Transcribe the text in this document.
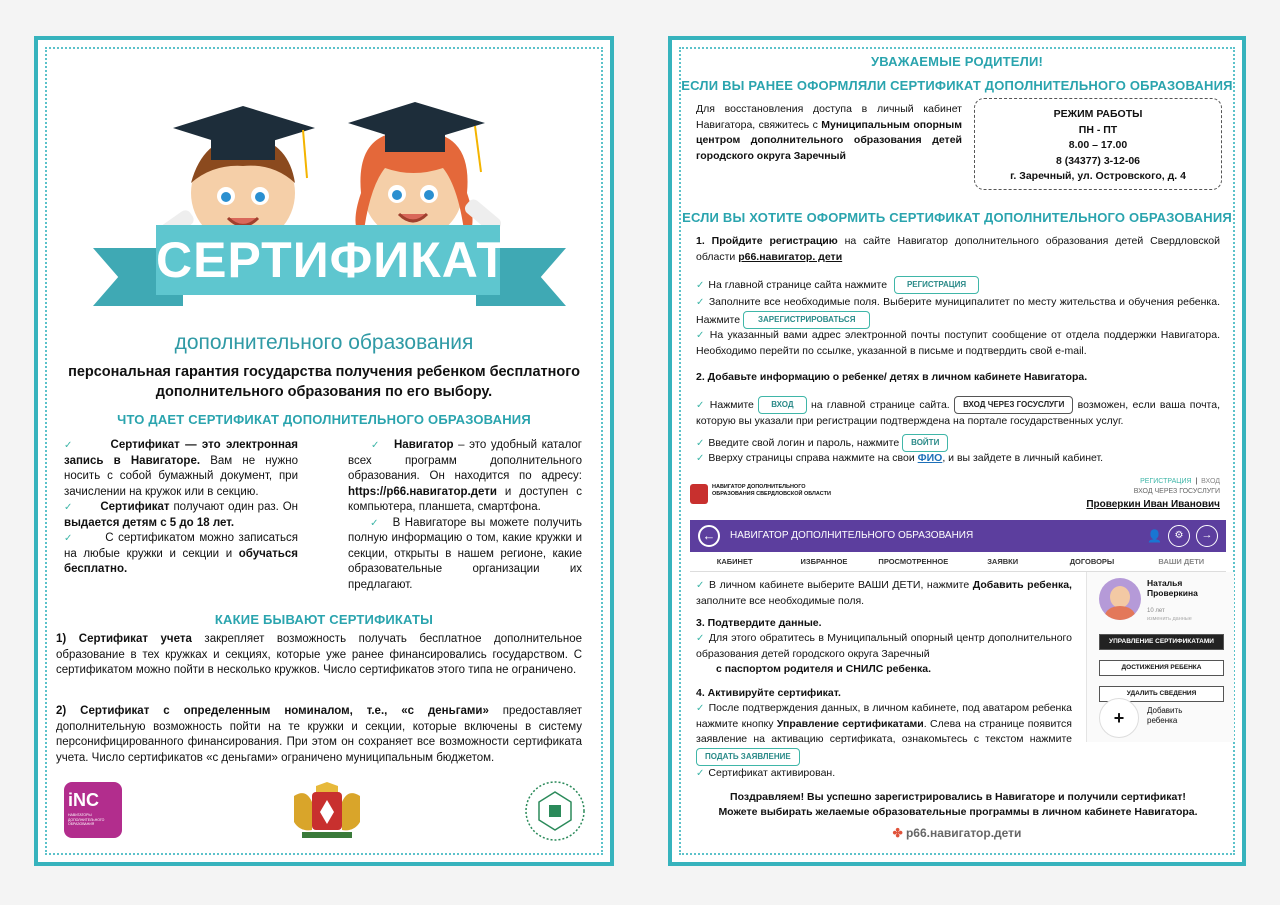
СЕРТИФИКАТ
дополнительного образования
персональная гарантия государства получения ребенком бесплатного дополнительного образования по его выбору.
ЧТО ДАЕТ СЕРТИФИКАТ ДОПОЛНИТЕЛЬНОГО ОБРАЗОВАНИЯ

✓	Сертификат — это электронная запись в Навигаторе. Вам не нужно носить с собой бумажный документ, при зачислении на кружок или в секцию.

✓ Сертификат получают один раз. Он выдается детям с 5 до 18 лет.

✓	С сертификатом можно записаться на любые кружки и секции и обучаться бесплатно.

✓ Навигатор – это удобный каталог всех программ дополнительного образования. Он находится по адресу: https://р66.навигатор.дети и доступен с компьютера, планшета, смартфона.

✓ В Навигаторе вы можете получить полную информацию о том, какие кружки и секции, открыты в нашем регионе, какие образовательные организации их предлагают.

КАКИЕ БЫВАЮТ СЕРТИФИКАТЫ

1) Сертификат учета закрепляет возможность получать бесплатное дополнительное образование в тех кружках и секциях, которые уже ранее финансировались государством. С сертификатом можно пойти в несколько кружков. Число сертификатов этого типа не ограничено.

2) Сертификат с определенным номиналом, т.е., «с деньгами» предоставляет дополнительную возможность пойти на те кружки и секции, которые включены в систему персонифицированного финансирования. При этом он сохраняет все возможности сертификата учета. Число сертификатов «с деньгами» ограничено муниципальным бюджетом.

iNC
НАВИГАТОРЫ ДОПОЛНИТЕЛЬНОГО ОБРАЗОВАНИЯ
УВАЖАЕМЫЕ РОДИТЕЛИ!
ЕСЛИ ВЫ РАНЕЕ ОФОРМЛЯЛИ СЕРТИФИКАТ ДОПОЛНИТЕЛЬНОГО ОБРАЗОВАНИЯ

Для восстановления доступа в личный кабинет Навигатора, свяжитесь с Муниципальным опорным центром дополнительного образования детей городского округа Заречный

РЕЖИМ РАБОТЫ
ПН - ПТ
8.00 – 17.00
8 (34377) 3-12-06
г. Заречный, ул. Островского, д. 4
ЕСЛИ ВЫ ХОТИТЕ ОФОРМИТЬ СЕРТИФИКАТ ДОПОЛНИТЕЛЬНОГО ОБРАЗОВАНИЯ

1. Пройдите регистрацию на сайте Навигатор дополнительного образования детей Свердловской области р66.навигатор. дети

✓ На главной странице сайта нажмите РЕГИСТРАЦИЯ

✓ Заполните все необходимые поля. Выберите муниципалитет по месту жительства и обучения ребенка. Нажмите ЗАРЕГИСТРИРОВАТЬСЯ

✓ На указанный вами адрес электронной почты поступит сообщение от отдела поддержки Навигатора. Необходимо перейти по ссылке, указанной в письме и подтвердить свой e-mail.

2. Добавьте информацию о ребенке/ детях в личном кабинете Навигатора.

✓ Нажмите ВХОД на главной странице сайта. ВХОД ЧЕРЕЗ ГОСУСЛУГИ возможен, если ваша почта, которую вы указали при регистрации подтверждена на портале государственных услуг.

✓ Введите свой логин и пароль, нажмите ВОЙТИ

✓ Вверху страницы справа нажмите на свои ФИО, и вы зайдете в личный кабинет.

НАВИГАТОР ДОПОЛНИТЕЛЬНОГО ОБРАЗОВАНИЯ СВЕРДЛОВСКОЙ ОБЛАСТИ
РЕГИСТРАЦИЯ  |  ВХОД
ВХОД ЧЕРЕЗ ГОСУСЛУГИ
Проверкин Иван Иванович
←	НАВИГАТОР ДОПОЛНИТЕЛЬНОГО ОБРАЗОВАНИЯ	👤	⚙	→
КАБИНЕТ	ИЗБРАННОЕ	ПРОСМОТРЕННОЕ	ЗАЯВКИ	ДОГОВОРЫ	ВАШИ ДЕТИ

✓ В личном кабинете выберите ВАШИ ДЕТИ, нажмите Добавить ребенка, заполните все необходимые поля.

3. Подтвердите данные.

✓ Для этого обратитесь в Муниципальный опорный центр дополнительного образования детей городского округа Заречный

с паспортом родителя и СНИЛС ребенка.

4. Активируйте сертификат.

✓ После подтверждения данных, в личном кабинете, под аватаром ребенка нажмите кнопку Управление сертификатами. Слева на странице появится заявление на активацию сертификата, ознакомьтесь с текстом нажмите ПОДАТЬ ЗАЯВЛЕНИЕ

✓ Сертификат активирован.

Наталья Проверкина
10 лет
изменить данные
УПРАВЛЕНИЕ СЕРТИФИКАТАМИ
ДОСТИЖЕНИЯ РЕБЕНКА
УДАЛИТЬ СВЕДЕНИЯ
+	Добавить ребенка

Поздравляем! Вы успешно зарегистрировались в Навигаторе и получили сертификат!

Можете выбирать желаемые образовательные программы в личном кабинете Навигатора.

✤ р66.навигатор.дети
